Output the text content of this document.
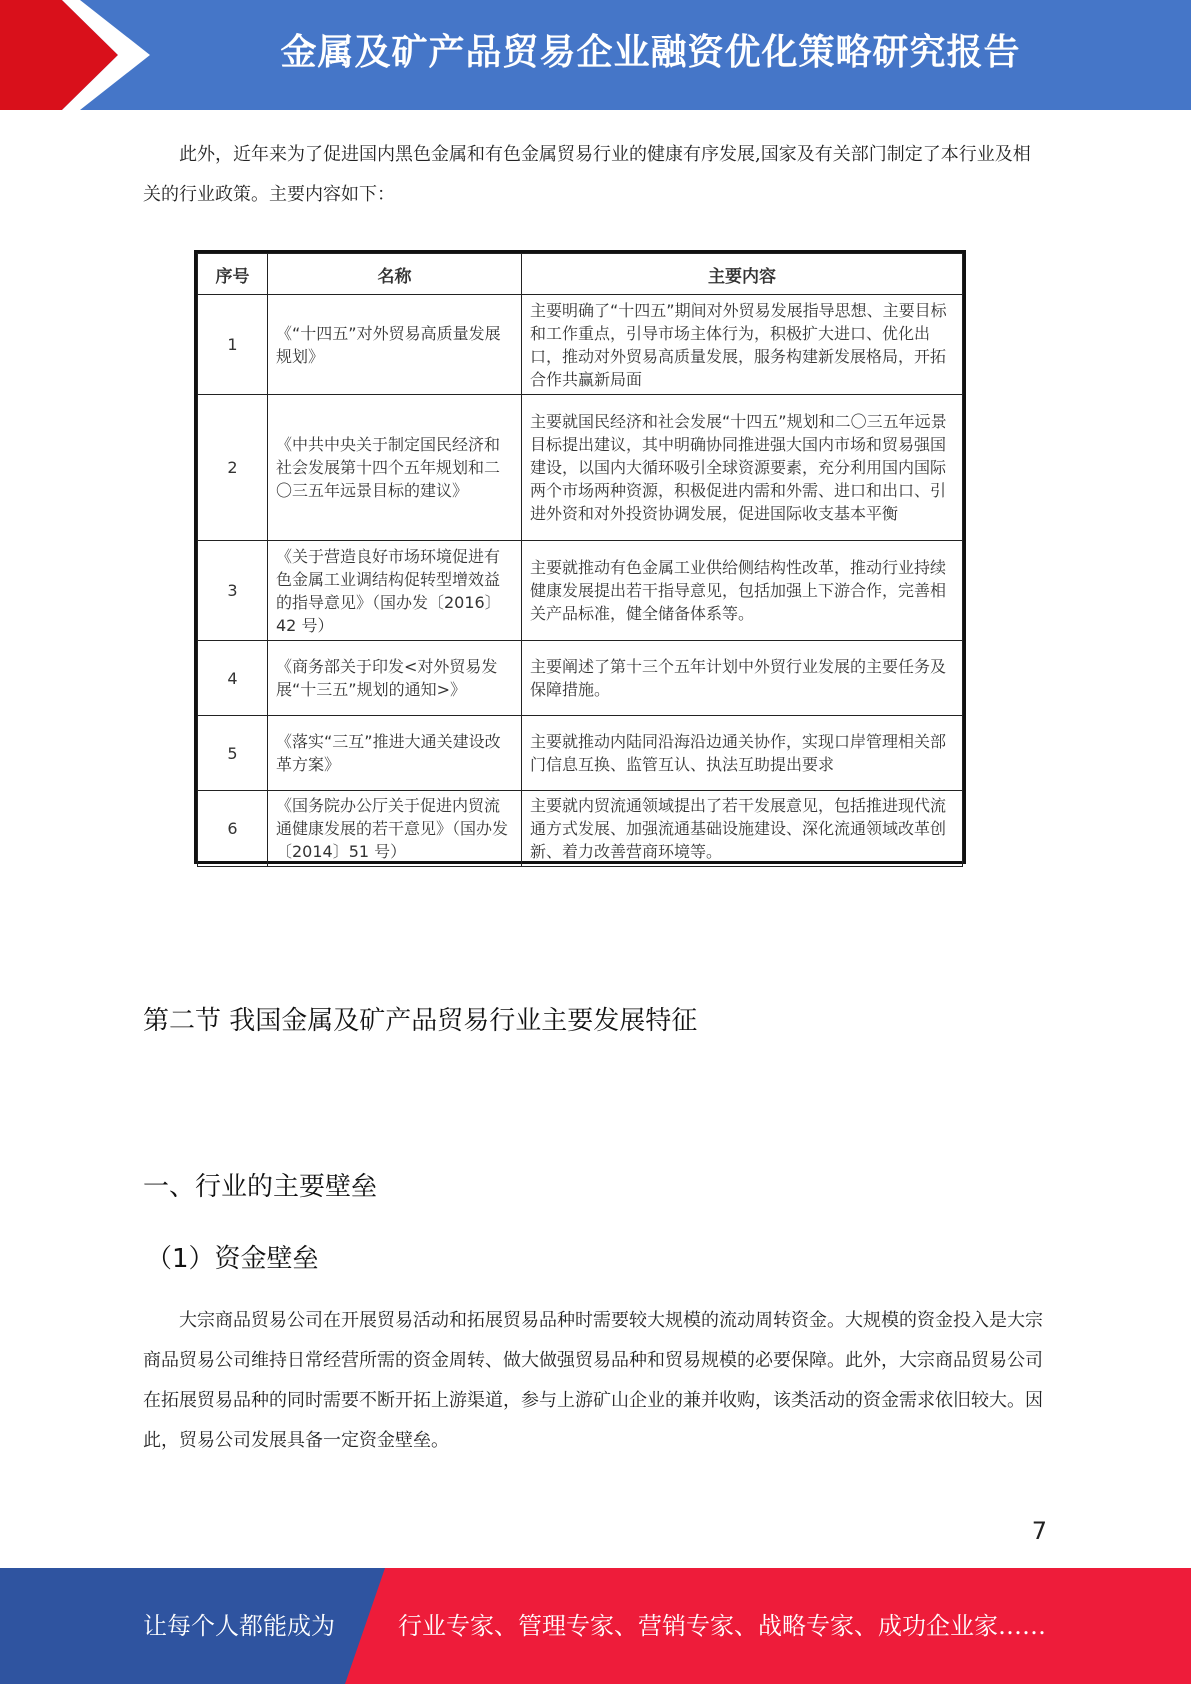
金属及矿产品贸易企业融资优化策略研究报告

此外，近年来为了促进国内黑色金属和有色金属贸易行业的健康有序发展,国家及有关部门制定了本行业及相关的行业政策。主要内容如下：

序号	名称	主要内容
1	《“十四五”对外贸易高质量发展规划》	主要明确了“十四五”期间对外贸易发展指导思想、主要目标和工作重点，引导市场主体行为，积极扩大进口、优化出口，推动对外贸易高质量发展，服务构建新发展格局，开拓合作共赢新局面
2	《中共中央关于制定国民经济和社会发展第十四个五年规划和二〇三五年远景目标的建议》	主要就国民经济和社会发展“十四五”规划和二〇三五年远景目标提出建议，其中明确协同推进强大国内市场和贸易强国建设，以国内大循环吸引全球资源要素，充分利用国内国际两个市场两种资源，积极促进内需和外需、进口和出口、引进外资和对外投资协调发展，促进国际收支基本平衡
3	《关于营造良好市场环境促进有色金属工业调结构促转型增效益的指导意见》（国办发〔2016〕42 号）	主要就推动有色金属工业供给侧结构性改革，推动行业持续健康发展提出若干指导意见，包括加强上下游合作，完善相关产品标准，健全储备体系等。
4	《商务部关于印发<对外贸易发展“十三五”规划的通知>》	主要阐述了第十三个五年计划中外贸行业发展的主要任务及保障措施。
5	《落实“三互”推进大通关建设改革方案》	主要就推动内陆同沿海沿边通关协作，实现口岸管理相关部门信息互换、监管互认、执法互助提出要求
6	《国务院办公厅关于促进内贸流通健康发展的若干意见》（国办发〔2014〕51 号）	主要就内贸流通领域提出了若干发展意见，包括推进现代流通方式发展、加强流通基础设施建设、深化流通领域改革创新、着力改善营商环境等。
第二节 我国金属及矿产品贸易行业主要发展特征
一、行业的主要壁垒
（1）资金壁垒

大宗商品贸易公司在开展贸易活动和拓展贸易品种时需要较大规模的流动周转资金。大规模的资金投入是大宗商品贸易公司维持日常经营所需的资金周转、做大做强贸易品种和贸易规模的必要保障。此外，大宗商品贸易公司在拓展贸易品种的同时需要不断开拓上游渠道，参与上游矿山企业的兼并收购，该类活动的资金需求依旧较大。因此，贸易公司发展具备一定资金壁垒。

7
让每个人都能成为	行业专家、管理专家、营销专家、战略专家、成功企业家……
